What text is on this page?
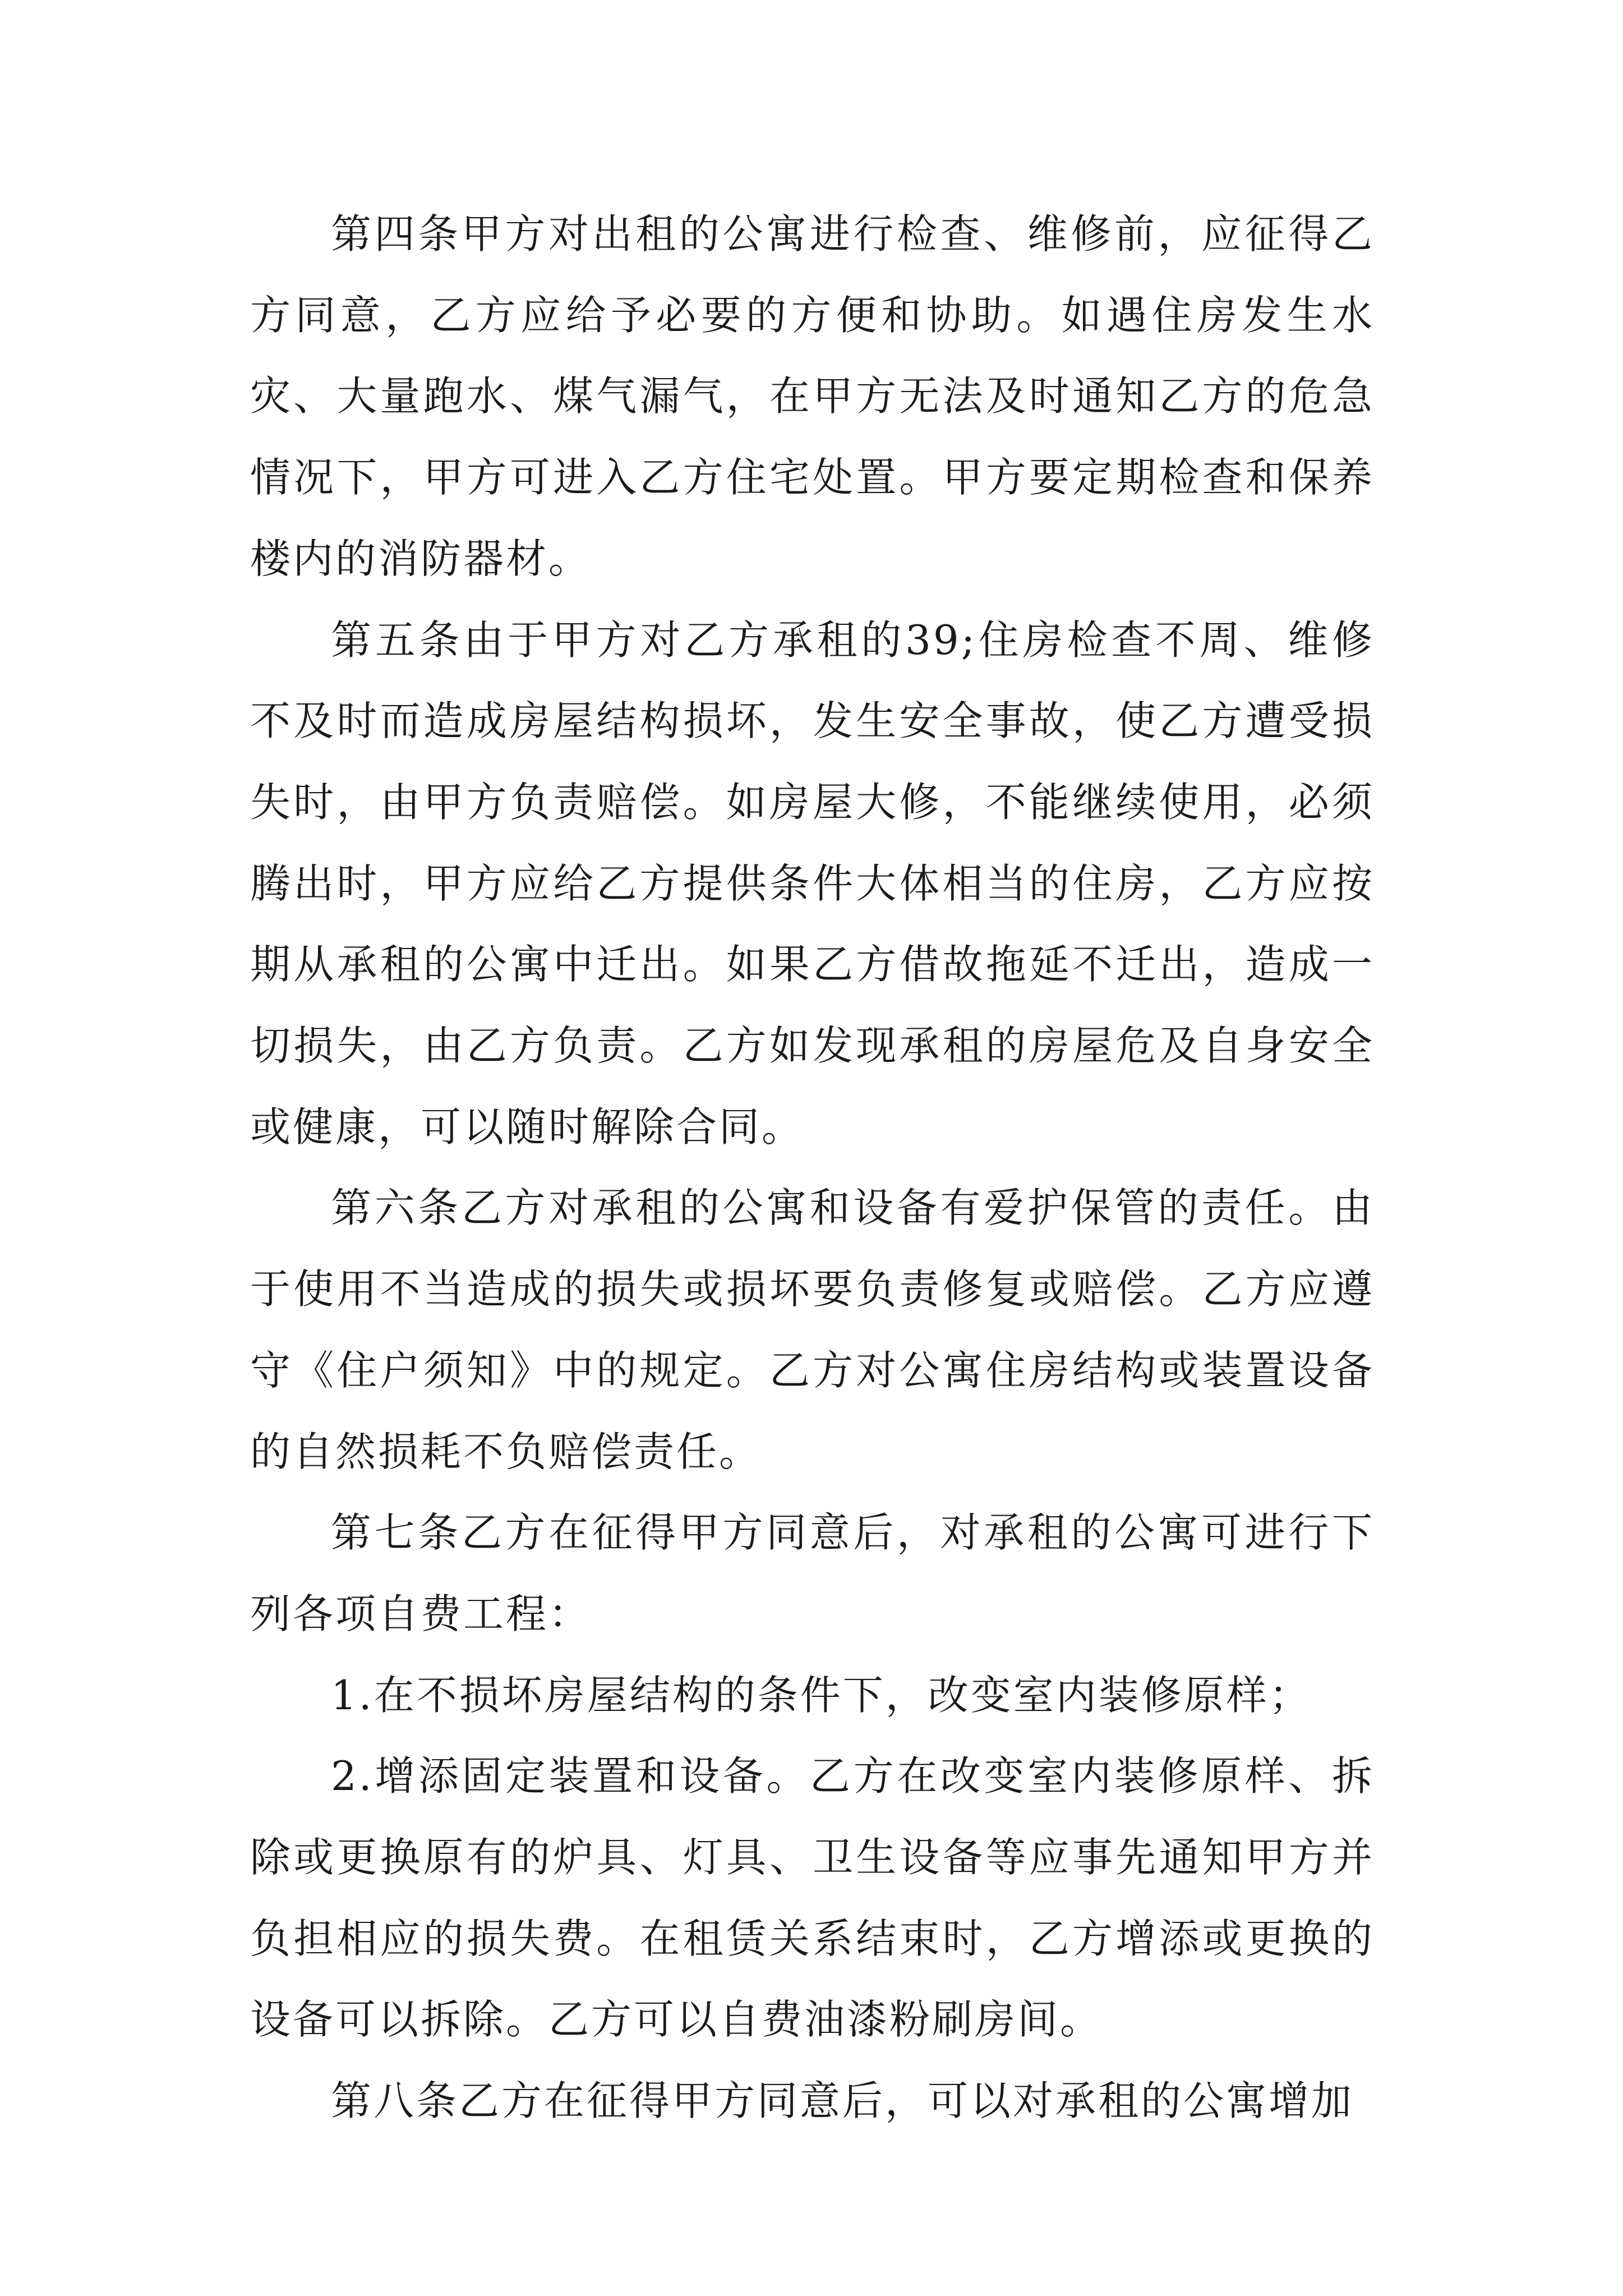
第四条甲方对出租的公寓进行检查、维修前，应征得乙方同意，乙方应给予必要的方便和协助。如遇住房发生水灾、大量跑水、煤气漏气，在甲方无法及时通知乙方的危急情况下，甲方可进入乙方住宅处置。甲方要定期检查和保养楼内的消防器材。

第五条由于甲方对乙方承租的39;住房检查不周、维修不及时而造成房屋结构损坏，发生安全事故，使乙方遭受损失时，由甲方负责赔偿。如房屋大修，不能继续使用，必须腾出时，甲方应给乙方提供条件大体相当的住房，乙方应按期从承租的公寓中迁出。如果乙方借故拖延不迁出，造成一切损失，由乙方负责。乙方如发现承租的房屋危及自身安全或健康，可以随时解除合同。

第六条乙方对承租的公寓和设备有爱护保管的责任。由于使用不当造成的损失或损坏要负责修复或赔偿。乙方应遵守《住户须知》中的规定。乙方对公寓住房结构或装置设备的自然损耗不负赔偿责任。

第七条乙方在征得甲方同意后，对承租的公寓可进行下列各项自费工程：

1.在不损坏房屋结构的条件下，改变室内装修原样；

2.增添固定装置和设备。乙方在改变室内装修原样、拆除或更换原有的炉具、灯具、卫生设备等应事先通知甲方并负担相应的损失费。在租赁关系结束时，乙方增添或更换的设备可以拆除。乙方可以自费油漆粉刷房间。

第八条乙方在征得甲方同意后，可以对承租的公寓增加
